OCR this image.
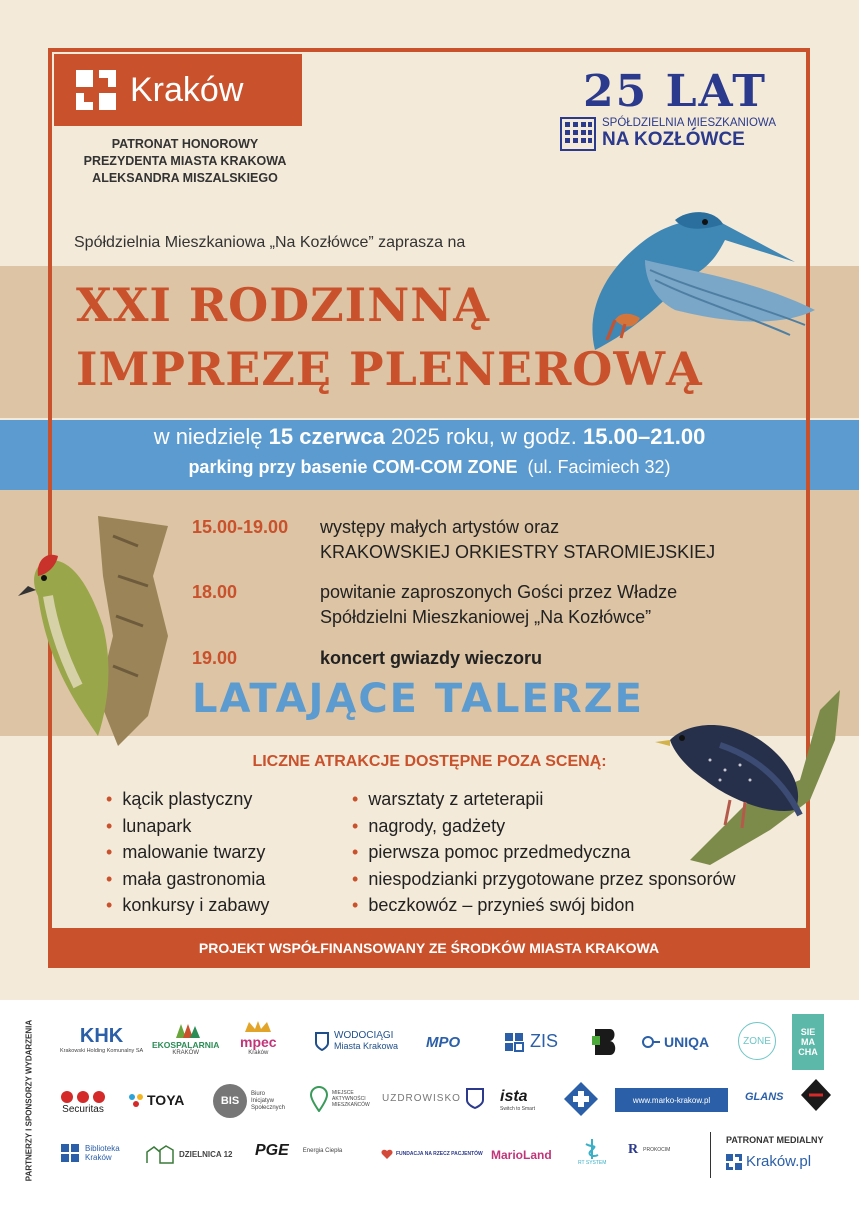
PROJEKT WSPÓŁFINANSOWANY ZE ŚRODKÓW MIASTA KRAKOWA
Kraków
PATRONAT HONOROWY
PREZYDENTA MIASTA KRAKOWA
ALEKSANDRA MISZALSKIEGO
25 LAT
SPÓŁDZIELNIA MIESZKANIOWA
NA KOZŁÓWCE
Spółdzielnia Mieszkaniowa „Na Kozłówce” zaprasza na
XXI RODZINNĄ
IMPREZĘ PLENEROWĄ
w niedzielę 15 czerwca 2025 roku, w godz. 15.00–21.00
parking przy basenie COM-COM ZONE (ul. Facimiech 32)
15.00-19.00	występy małych artystów oraz
KRAKOWSKIEJ ORKIESTRY STAROMIEJSKIEJ
18.00	powitanie zaproszonych Gości przez Władze
Spółdzielni Mieszkaniowej „Na Kozłówce”
19.00	koncert gwiazdy wieczoru
LATAJĄCE TALERZE
LICZNE ATRAKCJE DOSTĘPNE POZA SCENĄ:
• kącik plastyczny
• lunapark
• malowanie twarzy
• mała gastronomia
• konkursy i zabawy
• warsztaty z arteterapii
• nagrody, gadżety
• pierwsza pomoc przedmedyczna
• niespodzianki przygotowane przez sponsorów
• beczkowóz – przynieś swój bidon
PARTNERZY I SPONSORZY WYDARZENIA KHK
Krakowski Holding Komunalny SA
EKOSPALARNIA
KRAKÓW
mpec
Kraków
WODOCIĄGI
Miasta Krakowa MPO	ZIS	UNIQA	ZONE
SIE
MA
CHA
Securitas
TOYA	BIS
Biuro
Inicjatyw
Społecznych
MIEJSCE
AKTYWNOŚCI
MIESZKAŃCÓW
UZDROWISKO ista
Switch to Smart
www.marko-krakow.pl	GLANS
Biblioteka
Kraków	DZIELNICA 12 PGE Energia Ciepła	FUNDACJA NA RZECZ PACJENTÓW MarioLand
RT SYSTEM
R PROKOCIM
PATRONAT MEDIALNY
Kraków.pl
